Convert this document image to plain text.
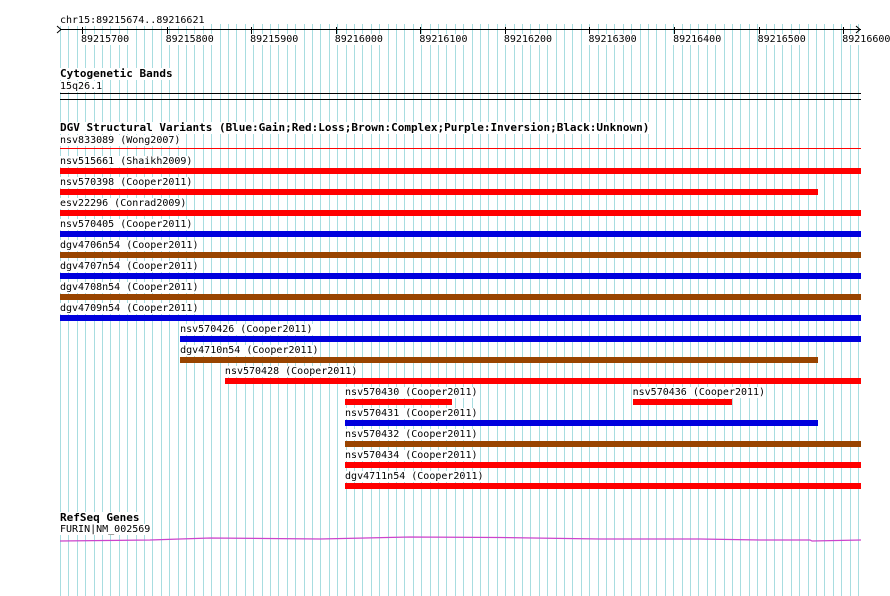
chr15:89215674..89216621
89215700	89215800	89215900	89216000	89216100	89216200	89216300	89216400	89216500	89216600
Cytogenetic Bands
15q26.1
DGV Structural Variants (Blue:Gain;Red:Loss;Brown:Complex;Purple:Inversion;Black:Unknown)
nsv833089 (Wong2007)
nsv515661 (Shaikh2009)
nsv570398 (Cooper2011)
esv22296 (Conrad2009)
nsv570405 (Cooper2011)
dgv4706n54 (Cooper2011)
dgv4707n54 (Cooper2011)
dgv4708n54 (Cooper2011)
dgv4709n54 (Cooper2011)
nsv570426 (Cooper2011)
dgv4710n54 (Cooper2011)
nsv570428 (Cooper2011)
nsv570430 (Cooper2011)	nsv570436 (Cooper2011)
nsv570431 (Cooper2011)
nsv570432 (Cooper2011)
nsv570434 (Cooper2011)
dgv4711n54 (Cooper2011)
RefSeq Genes
FURIN|NM_002569
